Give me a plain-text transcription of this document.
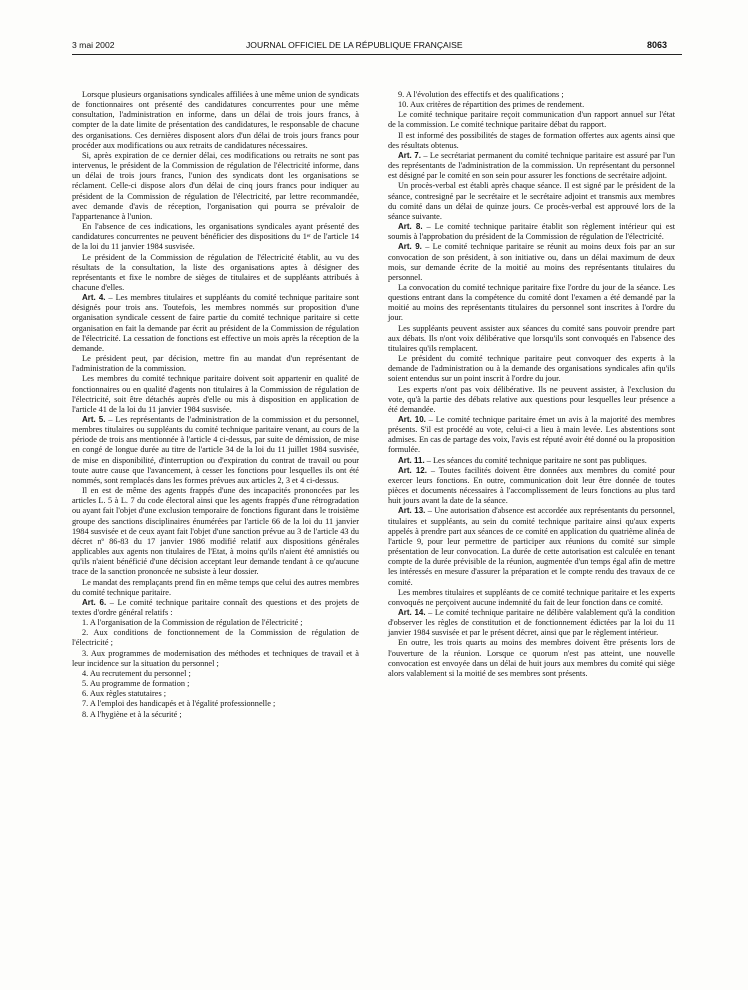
3 mai 2002	JOURNAL OFFICIEL DE LA RÉPUBLIQUE FRANÇAISE	8063

Lorsque plusieurs organisations syndicales affiliées à une même union de syndicats de fonctionnaires ont présenté des candidatures concurrentes pour une même consultation, l'administration en informe, dans un délai de trois jours francs, à compter de la date limite de présentation des candidatures, le responsable de chacune des organisations. Ces dernières disposent alors d'un délai de trois jours francs pour procéder aux modifications ou aux retraits de candidatures nécessaires.

Si, après expiration de ce dernier délai, ces modifications ou retraits ne sont pas intervenus, le président de la Commission de régulation de l'électricité informe, dans un délai de trois jours francs, l'union des syndicats dont les organisations se réclament. Celle-ci dispose alors d'un délai de cinq jours francs pour indiquer au président de la Commission de régulation de l'électricité, par lettre recommandée, avec demande d'avis de réception, l'organisation qui pourra se prévaloir de l'appartenance à l'union.

En l'absence de ces indications, les organisations syndicales ayant présenté des candidatures concurrentes ne peuvent bénéficier des dispositions du 1ᵉʳ de l'article 14 de la loi du 11 janvier 1984 susvisée.

Le président de la Commission de régulation de l'électricité établit, au vu des résultats de la consultation, la liste des organisations aptes à désigner des représentants et fixe le nombre de sièges de titulaires et de suppléants attribués à chacune d'elles.

Art. 4. – Les membres titulaires et suppléants du comité technique paritaire sont désignés pour trois ans. Toutefois, les membres nommés sur proposition d'une organisation syndicale cessent de faire partie du comité technique paritaire si cette organisation en fait la demande par écrit au président de la Commission de régulation de l'électricité. La cessation de fonctions est effective un mois après la réception de la demande.

Le président peut, par décision, mettre fin au mandat d'un représentant de l'administration de la commission.

Les membres du comité technique paritaire doivent soit appartenir en qualité de fonctionnaires ou en qualité d'agents non titulaires à la Commission de régulation de l'électricité, soit être détachés auprès d'elle ou mis à disposition en application de l'article 41 de la loi du 11 janvier 1984 susvisée.

Art. 5. – Les représentants de l'administration de la commission et du personnel, membres titulaires ou suppléants du comité technique paritaire venant, au cours de la période de trois ans mentionnée à l'article 4 ci-dessus, par suite de démission, de mise en congé de longue durée au titre de l'article 34 de la loi du 11 juillet 1984 susvisée, de mise en disponibilité, d'interruption ou d'expiration du contrat de travail ou pour toute autre cause que l'avancement, à cesser les fonctions pour lesquelles ils ont été nommés, sont remplacés dans les formes prévues aux articles 2, 3 et 4 ci-dessus.

Il en est de même des agents frappés d'une des incapacités prononcées par les articles L. 5 à L. 7 du code électoral ainsi que les agents frappés d'une rétrogradation ou ayant fait l'objet d'une exclusion temporaire de fonctions figurant dans le troisième groupe des sanctions disciplinaires énumérées par l'article 66 de la loi du 11 janvier 1984 susvisée et de ceux ayant fait l'objet d'une sanction prévue au 3 de l'article 43 du décret nº 86-83 du 17 janvier 1986 modifié relatif aux dispositions générales applicables aux agents non titulaires de l'Etat, à moins qu'ils n'aient été amnistiés ou qu'ils n'aient bénéficié d'une décision acceptant leur demande tendant à ce qu'aucune trace de la sanction prononcée ne subsiste à leur dossier.

Le mandat des remplaçants prend fin en même temps que celui des autres membres du comité technique paritaire.

Art. 6. – Le comité technique paritaire connaît des questions et des projets de textes d'ordre général relatifs :

1. A l'organisation de la Commission de régulation de l'électricité ;

2. Aux conditions de fonctionnement de la Commission de régulation de l'électricité ;

3. Aux programmes de modernisation des méthodes et techniques de travail et à leur incidence sur la situation du personnel ;

4. Au recrutement du personnel ;

5. Au programme de formation ;

6. Aux règles statutaires ;

7. A l'emploi des handicapés et à l'égalité professionnelle ;

8. A l'hygiène et à la sécurité ;

9. A l'évolution des effectifs et des qualifications ;

10. Aux critères de répartition des primes de rendement.

Le comité technique paritaire reçoit communication d'un rapport annuel sur l'état de la commission. Le comité technique paritaire débat du rapport.

Il est informé des possibilités de stages de formation offertes aux agents ainsi que des résultats obtenus.

Art. 7. – Le secrétariat permanent du comité technique paritaire est assuré par l'un des représentants de l'administration de la commission. Un représentant du personnel est désigné par le comité en son sein pour assurer les fonctions de secrétaire adjoint.

Un procès-verbal est établi après chaque séance. Il est signé par le président de la séance, contresigné par le secrétaire et le secrétaire adjoint et transmis aux membres du comité dans un délai de quinze jours. Ce procès-verbal est approuvé lors de la séance suivante.

Art. 8. – Le comité technique paritaire établit son règlement intérieur qui est soumis à l'approbation du président de la Commission de régulation de l'électricité.

Art. 9. – Le comité technique paritaire se réunit au moins deux fois par an sur convocation de son président, à son initiative ou, dans un délai maximum de deux mois, sur demande écrite de la moitié au moins des représentants titulaires du personnel.

La convocation du comité technique paritaire fixe l'ordre du jour de la séance. Les questions entrant dans la compétence du comité dont l'examen a été demandé par la moitié au moins des représentants titulaires du personnel sont inscrites à l'ordre du jour.

Les suppléants peuvent assister aux séances du comité sans pouvoir prendre part aux débats. Ils n'ont voix délibérative que lorsqu'ils sont convoqués en l'absence des titulaires qu'ils remplacent.

Le président du comité technique paritaire peut convoquer des experts à la demande de l'administration ou à la demande des organisations syndicales afin qu'ils soient entendus sur un point inscrit à l'ordre du jour.

Les experts n'ont pas voix délibérative. Ils ne peuvent assister, à l'exclusion du vote, qu'à la partie des débats relative aux questions pour lesquelles leur présence a été demandée.

Art. 10. – Le comité technique paritaire émet un avis à la majorité des membres présents. S'il est procédé au vote, celui-ci a lieu à main levée. Les abstentions sont admises. En cas de partage des voix, l'avis est réputé avoir été donné ou la proposition formulée.

Art. 11. – Les séances du comité technique paritaire ne sont pas publiques.

Art. 12. – Toutes facilités doivent être données aux membres du comité pour exercer leurs fonctions. En outre, communication doit leur être donnée de toutes pièces et documents nécessaires à l'accomplissement de leurs fonctions au plus tard huit jours avant la date de la séance.

Art. 13. – Une autorisation d'absence est accordée aux représentants du personnel, titulaires et suppléants, au sein du comité technique paritaire ainsi qu'aux experts appelés à prendre part aux séances de ce comité en application du quatrième alinéa de l'article 9, pour leur permettre de participer aux réunions du comité sur simple présentation de leur convocation. La durée de cette autorisation est calculée en tenant compte de la durée prévisible de la réunion, augmentée d'un temps égal afin de mettre les intéressés en mesure d'assurer la préparation et le compte rendu des travaux de ce comité.

Les membres titulaires et suppléants de ce comité technique paritaire et les experts convoqués ne perçoivent aucune indemnité du fait de leur fonction dans ce comité.

Art. 14. – Le comité technique paritaire ne délibère valablement qu'à la condition d'observer les règles de constitution et de fonctionnement édictées par la loi du 11 janvier 1984 susvisée et par le présent décret, ainsi que par le règlement intérieur.

En outre, les trois quarts au moins des membres doivent être présents lors de l'ouverture de la réunion. Lorsque ce quorum n'est pas atteint, une nouvelle convocation est envoyée dans un délai de huit jours aux membres du comité qui siège alors valablement si la moitié de ses membres sont présents.
